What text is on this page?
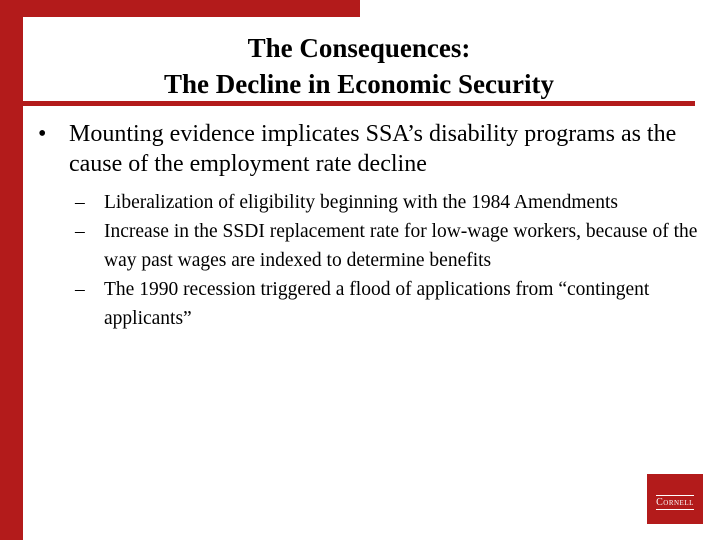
The Consequences:
The Decline in Economic Security
• Mounting evidence implicates SSA’s disability programs as the cause of the employment rate decline
– Liberalization of eligibility beginning with the 1984 Amendments
– Increase in the SSDI replacement rate for low-wage workers, because of the way past wages are indexed to determine benefits
– The 1990 recession triggered a flood of applications from “contingent applicants”
Cornell
